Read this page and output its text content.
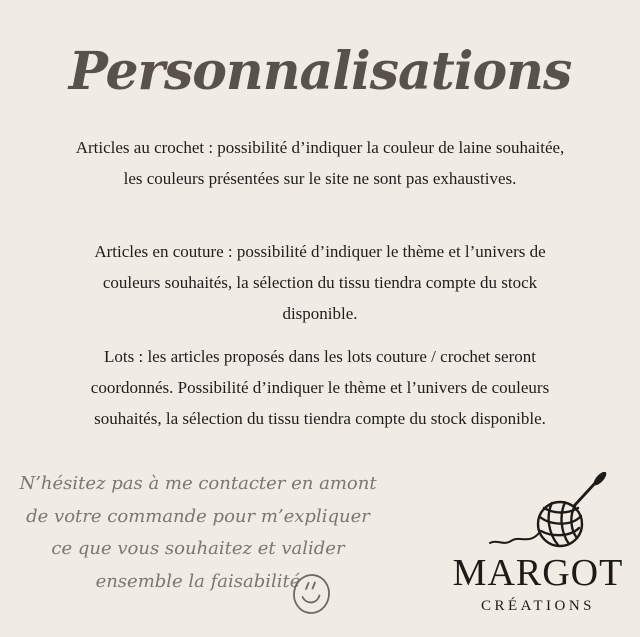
Personnalisations
Articles au crochet : possibilité d’indiquer la couleur de laine souhaitée,
les couleurs présentées sur le site ne sont pas exhaustives.
Articles en couture : possibilité d’indiquer le thème et l’univers de
couleurs souhaités, la sélection du tissu tiendra compte du stock
disponible.
Lots : les articles proposés dans les lots couture / crochet seront
coordonnés. Possibilité d’indiquer le thème et l’univers de couleurs
souhaités, la sélection du tissu tiendra compte du stock disponible.
N’hésitez pas à me contacter en amont
de votre commande pour m’expliquer
ce que vous souhaitez et valider
ensemble la faisabilité	MARGOT
CRÉATIONS
